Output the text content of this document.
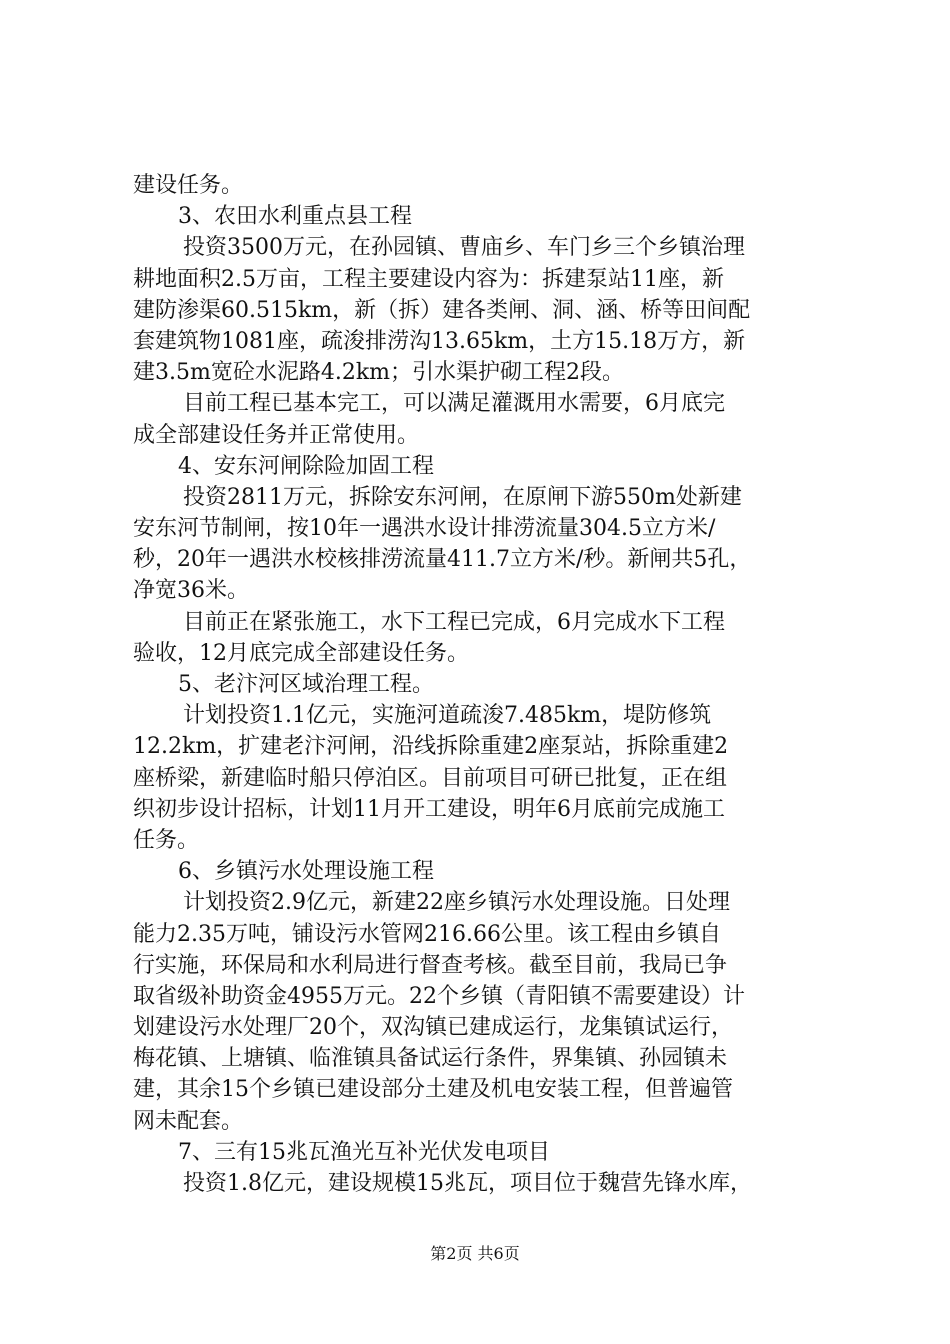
建设任务。
3、农田水利重点县工程
投资3500万元，在孙园镇、曹庙乡、车门乡三个乡镇治理
耕地面积2.5万亩，工程主要建设内容为：拆建泵站11座，新
建防渗渠60.515km，新（拆）建各类闸、洞、涵、桥等田间配
套建筑物1081座，疏浚排涝沟13.65km，土方15.18万方，新
建3.5m宽砼水泥路4.2km；引水渠护砌工程2段。
目前工程已基本完工，可以满足灌溉用水需要，6月底完
成全部建设任务并正常使用。
4、安东河闸除险加固工程
投资2811万元，拆除安东河闸，在原闸下游550m处新建
安东河节制闸，按10年一遇洪水设计排涝流量304.5立方米/
秒，20年一遇洪水校核排涝流量411.7立方米/秒。新闸共5孔，
净宽36米。
目前正在紧张施工，水下工程已完成，6月完成水下工程
验收，12月底完成全部建设任务。
5、老汴河区域治理工程。
计划投资1.1亿元，实施河道疏浚7.485km，堤防修筑
12.2km，扩建老汴河闸，沿线拆除重建2座泵站，拆除重建2
座桥梁，新建临时船只停泊区。目前项目可研已批复，正在组
织初步设计招标，计划11月开工建设，明年6月底前完成施工
任务。
6、乡镇污水处理设施工程
计划投资2.9亿元，新建22座乡镇污水处理设施。日处理
能力2.35万吨，铺设污水管网216.66公里。该工程由乡镇自
行实施，环保局和水利局进行督查考核。截至目前，我局已争
取省级补助资金4955万元。22个乡镇（青阳镇不需要建设）计
划建设污水处理厂20个，双沟镇已建成运行，龙集镇试运行，
梅花镇、上塘镇、临淮镇具备试运行条件，界集镇、孙园镇未
建，其余15个乡镇已建设部分土建及机电安装工程，但普遍管
网未配套。
7、三有15兆瓦渔光互补光伏发电项目
投资1.8亿元，建设规模15兆瓦，项目位于魏营先锋水库，
第2页 共6页
